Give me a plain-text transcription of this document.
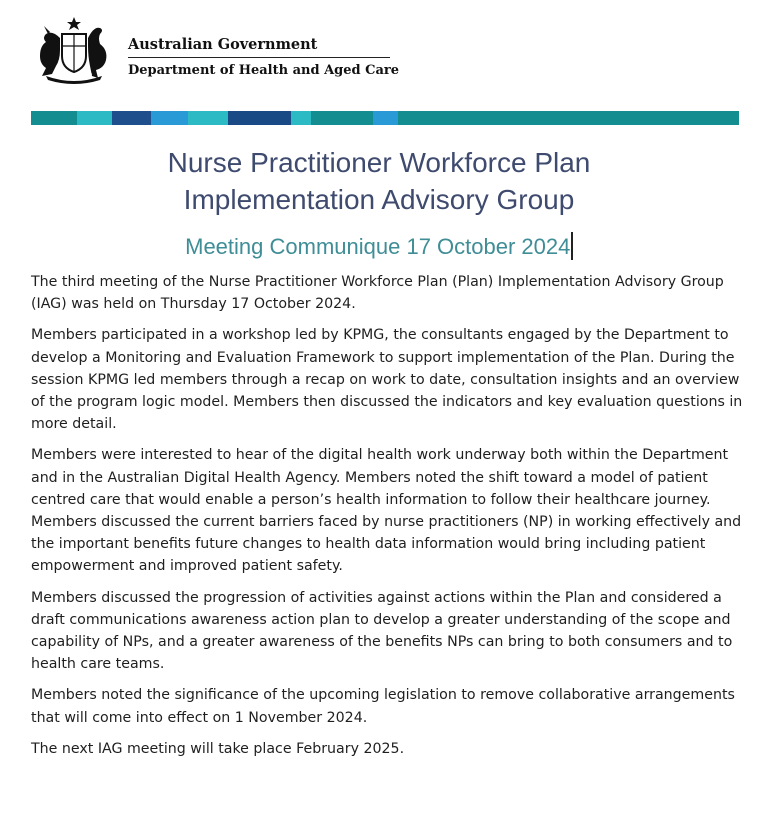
Australian Government
Department of Health and Aged Care
Nurse Practitioner Workforce Plan
Implementation Advisory Group
Meeting Communique 17 October 2024

The third meeting of the Nurse Practitioner Workforce Plan (Plan) Implementation Advisory Group (IAG) was held on Thursday 17 October 2024.

Members participated in a workshop led by KPMG, the consultants engaged by the Department to develop a Monitoring and Evaluation Framework to support implementation of the Plan. During the session KPMG led members through a recap on work to date, consultation insights and an overview of the program logic model. Members then discussed the indicators and key evaluation questions in more detail.

Members were interested to hear of the digital health work underway both within the Department and in the Australian Digital Health Agency. Members noted the shift toward a model of patient centred care that would enable a person’s health information to follow their healthcare journey. Members discussed the current barriers faced by nurse practitioners (NP) in working effectively and the important benefits future changes to health data information would bring including patient empowerment and improved patient safety.

Members discussed the progression of activities against actions within the Plan and considered a draft communications awareness action plan to develop a greater understanding of the scope and capability of NPs, and a greater awareness of the benefits NPs can bring to both consumers and to health care teams.

Members noted the significance of the upcoming legislation to remove collaborative arrangements that will come into effect on 1 November 2024.

The next IAG meeting will take place February 2025.
